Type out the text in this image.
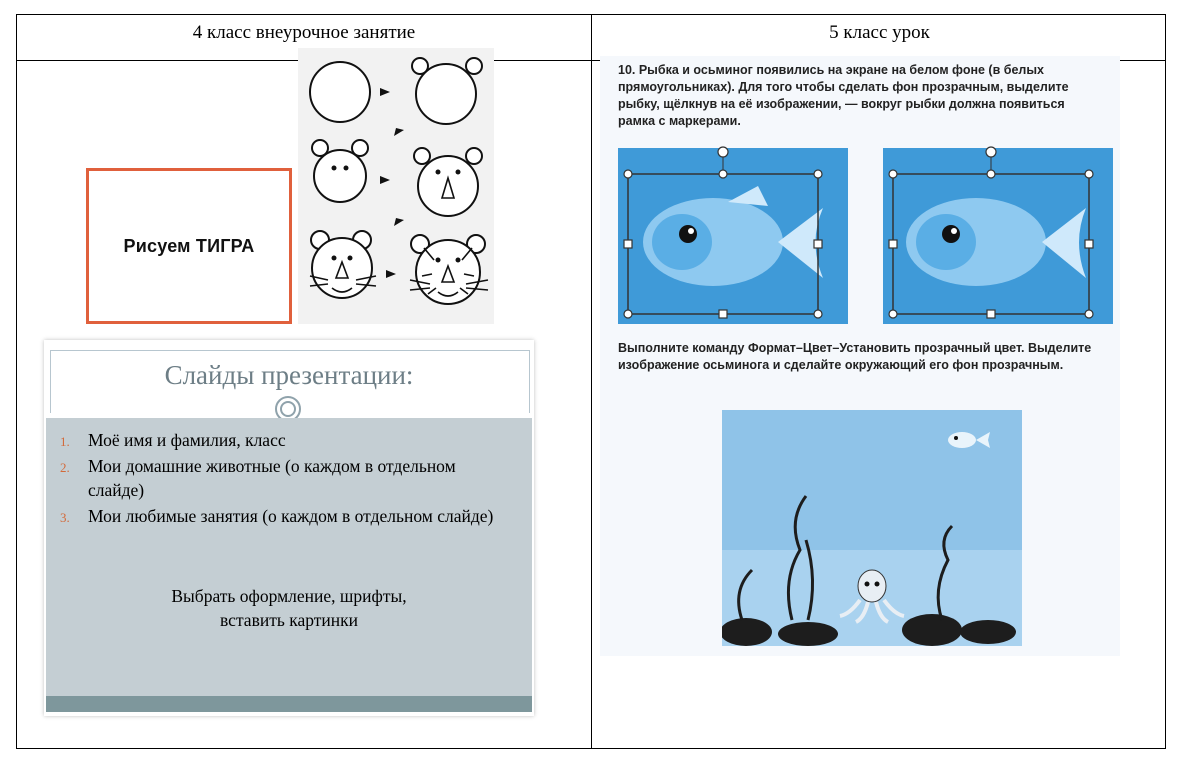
4 класс внеурочное занятие	5 класс урок
Рисуем ТИГРА
Слайды презентации:
1. Моё имя и фамилия, класс
2. Мои домашние животные (о каждом в отдельном слайде)
3. Мои любимые занятия (о каждом в отдельном слайде)
Выбрать оформление, шрифты,
вставить картинки
10. Рыбка и осьминог появились на экране на белом фоне (в белых прямоугольниках). Для того чтобы сделать фон прозрачным, выделите рыбку, щёлкнув на её изображении, — вокруг рыбки должна появиться рамка с маркерами.
Выполните команду Формат–Цвет–Установить прозрачный цвет. Выделите изображение осьминога и сделайте окружающий его фон прозрачным.
